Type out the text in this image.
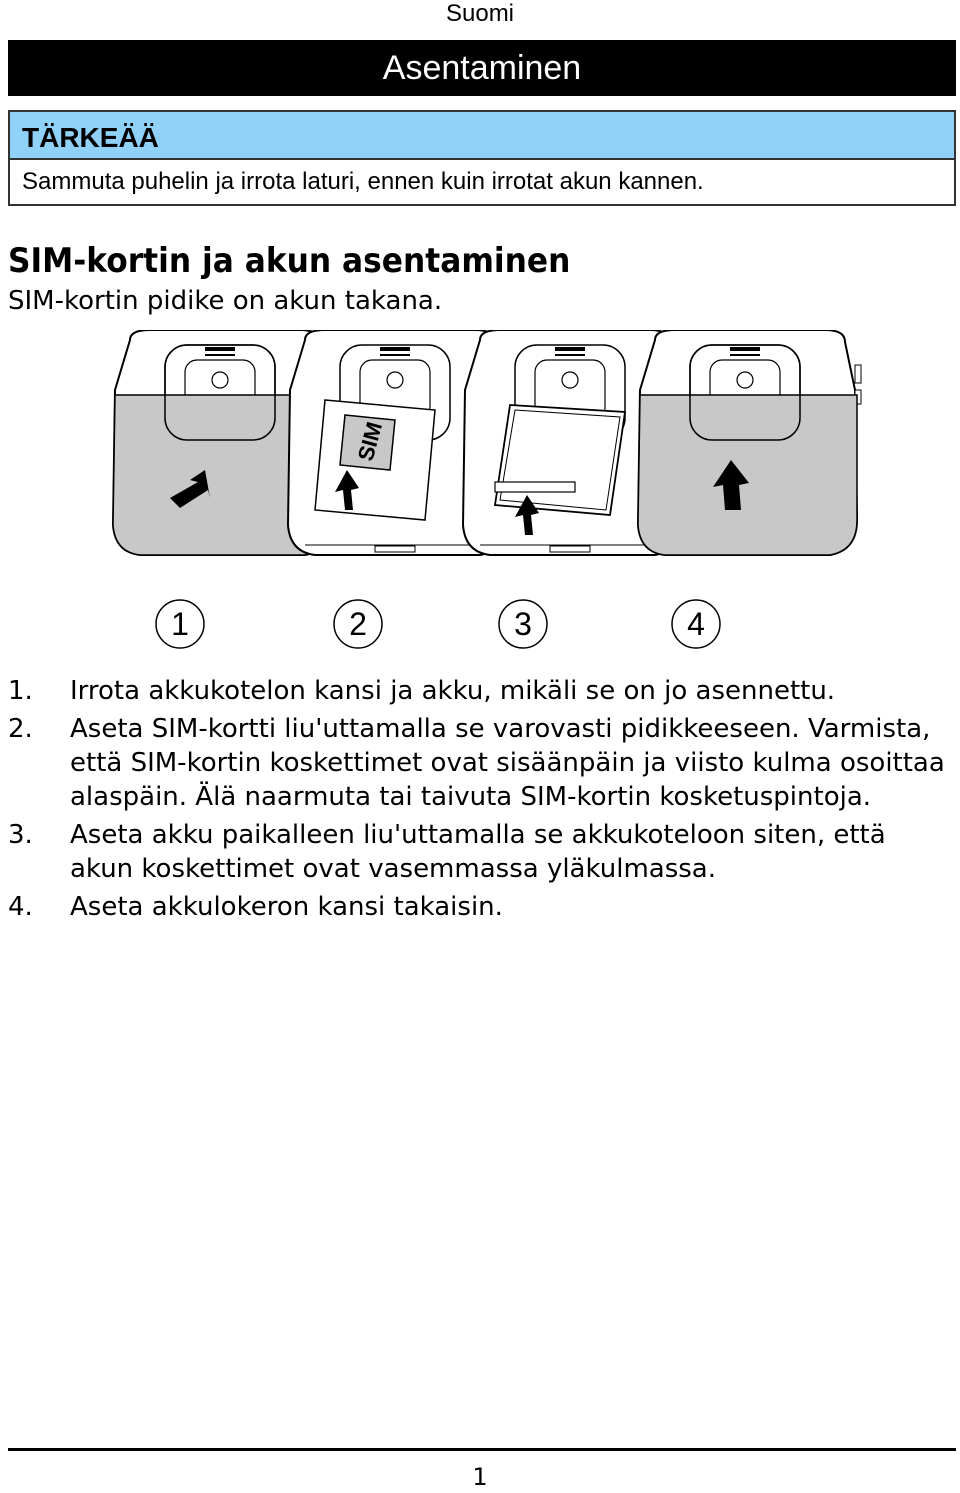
Suomi
Asentaminen
TÄRKEÄÄ
Sammuta puhelin ja irrota laturi, ennen kuin irrotat akun kannen.
SIM-kortin ja akun asentaminen
SIM-kortin pidike on akun takana.
SIM
1	2	3	4
1. Irrota akkukotelon kansi ja akku, mikäli se on jo asennettu.
2. Aseta SIM-kortti liu'uttamalla se varovasti pidikkeeseen. Varmista, että SIM-kortin koskettimet ovat sisäänpäin ja viisto kulma osoittaa alaspäin. Älä naarmuta tai taivuta SIM-kortin kosketuspintoja.
3. Aseta akku paikalleen liu'uttamalla se akkukoteloon siten, että akun koskettimet ovat vasemmassa yläkulmassa.
4. Aseta akkulokeron kansi takaisin.
1
